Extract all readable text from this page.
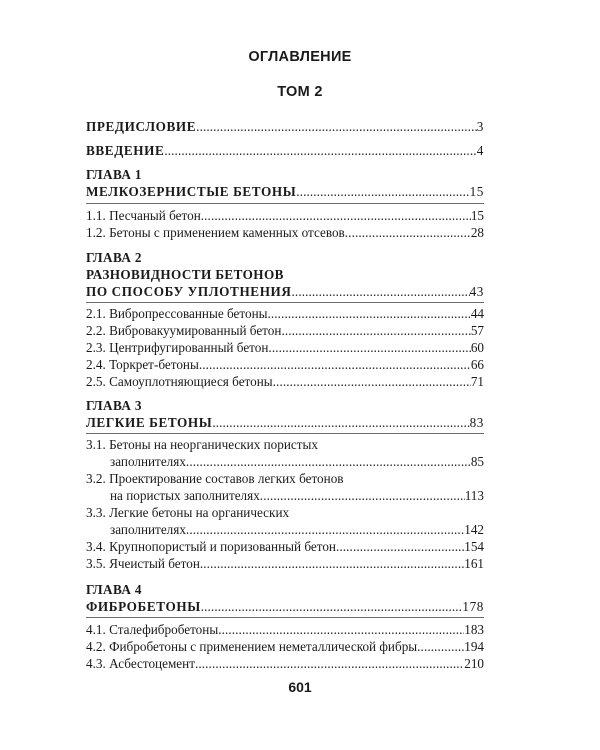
ОГЛАВЛЕНИЕ
ТОМ 2
ПРЕДИСЛОВИЕ . . .	3
ВВЕДЕНИЕ . . .	4
ГЛАВА 1
МЕЛКОЗЕРНИСТЫЕ БЕТОНЫ . . .	15
1.1. Песчаный бетон . . .	15
1.2. Бетоны с применением каменных отсевов . . .	28
ГЛАВА 2
РАЗНОВИДНОСТИ БЕТОНОВ
ПО СПОСОБУ УПЛОТНЕНИЯ . . .	43
2.1. Вибропрессованные бетоны . . .	44
2.2. Вибровакуумированный бетон . . .	57
2.3. Центрифугированный бетон . . .	60
2.4. Торкрет-бетоны . . .	66
2.5. Самоуплотняющиеся бетоны . . .	71
ГЛАВА 3
ЛЕГКИЕ БЕТОНЫ . . .	83
3.1. Бетоны на неорганических пористых
заполнителях . . .	85
3.2. Проектирование составов легких бетонов
на пористых заполнителях . . .	113
3.3. Легкие бетоны на органических
заполнителях . . .	142
3.4. Крупнопористый и поризованный бетон . . .	154
3.5. Ячеистый бетон . . .	161
ГЛАВА 4
ФИБРОБЕТОНЫ . . .	178
4.1. Сталефибробетоны . . .	183
4.2. Фибробетоны с применением неметаллической фибры . . .	194
4.3. Асбестоцемент . . .	210
601
